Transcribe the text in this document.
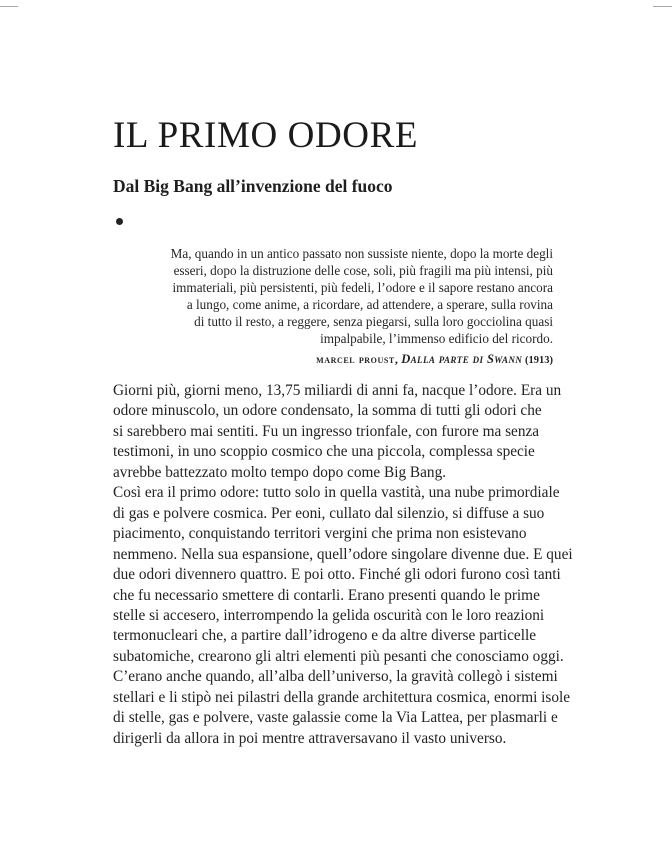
IL PRIMO ODORE
Dal Big Bang all’invenzione del fuoco
Ma, quando in un antico passato non sussiste niente, dopo la morte degli
esseri, dopo la distruzione delle cose, soli, più fragili ma più intensi, più
immateriali, più persistenti, più fedeli, l’odore e il sapore restano ancora
a lungo, come anime, a ricordare, ad attendere, a sperare, sulla rovina
di tutto il resto, a reggere, senza piegarsi, sulla loro gocciolina quasi
impalpabile, l’immenso edificio del ricordo.
marcel proust, Dalla parte di Swann (1913)
Giorni più, giorni meno, 13,75 miliardi di anni fa, nacque l’odore. Era un
odore minuscolo, un odore condensato, la somma di tutti gli odori che
si sarebbero mai sentiti. Fu un ingresso trionfale, con furore ma senza
testimoni, in uno scoppio cosmico che una piccola, complessa specie
avrebbe battezzato molto tempo dopo come Big Bang.
Così era il primo odore: tutto solo in quella vastità, una nube primordiale
di gas e polvere cosmica. Per eoni, cullato dal silenzio, si diffuse a suo
piacimento, conquistando territori vergini che prima non esistevano
nemmeno. Nella sua espansione, quell’odore singolare divenne due. E quei
due odori divennero quattro. E poi otto. Finché gli odori furono così tanti
che fu necessario smettere di contarli. Erano presenti quando le prime
stelle si accesero, interrompendo la gelida oscurità con le loro reazioni
termonucleari che, a partire dall’idrogeno e da altre diverse particelle
subatomiche, crearono gli altri elementi più pesanti che conosciamo oggi.
C’erano anche quando, all’alba dell’universo, la gravità collegò i sistemi
stellari e li stipò nei pilastri della grande architettura cosmica, enormi isole
di stelle, gas e polvere, vaste galassie come la Via Lattea, per plasmarli e
dirigerli da allora in poi mentre attraversavano il vasto universo.
